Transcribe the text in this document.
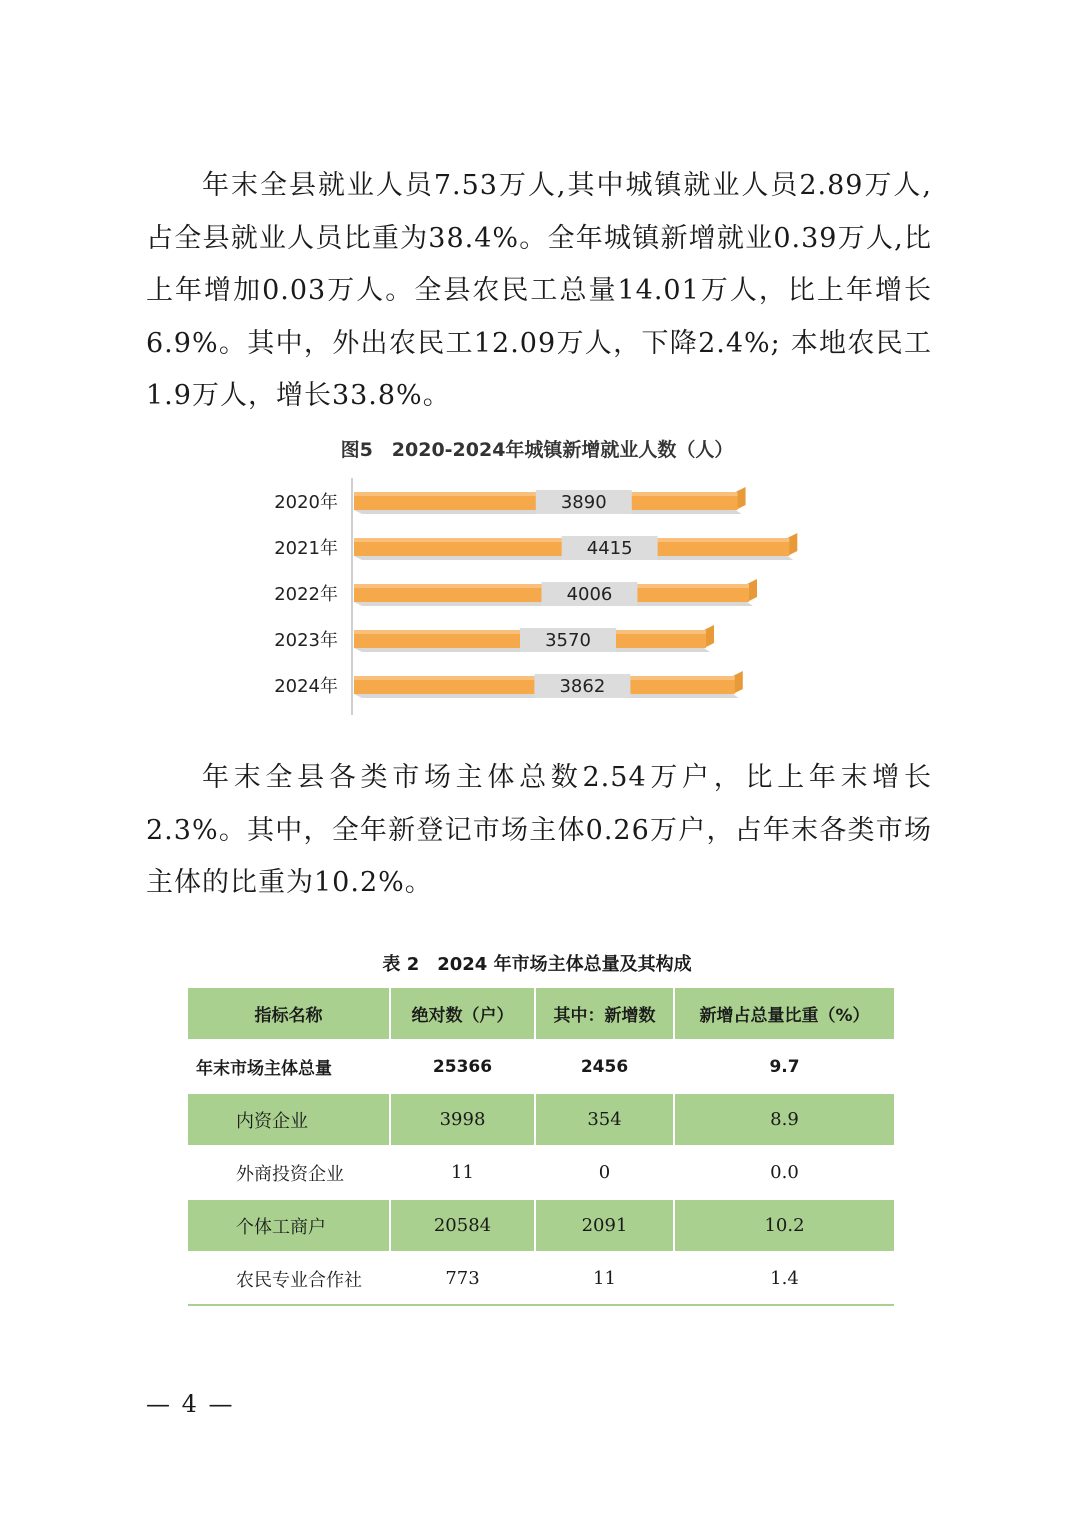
年末全县就业人员7.53万人,其中城镇就业人员2.89万人,占全县就业人员比重为38.4%。全年城镇新增就业0.39万人,比上年增加0.03万人。全县农民工总量14.01万人，比上年增长6.9%。其中，外出农民工12.09万人，下降2.4%; 本地农民工1.9万人，增长33.8%。

图5　2020-2024年城镇新增就业人数（人）

3890
2020年
4415
2021年
4006
2022年
3570
2023年
3862
2024年

年末全县各类市场主体总数2.54万户，比上年末增长2.3%。其中，全年新登记市场主体0.26万户，占年末各类市场主体的比重为10.2%。

表 2　2024 年市场主体总量及其构成

指标名称	绝对数（户）	其中：新增数	新增占总量比重（%）
年末市场主体总量	25366	2456	9.7
内资企业	3998	354	8.9
外商投资企业	11	0	0.0
个体工商户	20584	2091	10.2
农民专业合作社	773	11	1.4
— 4 —
